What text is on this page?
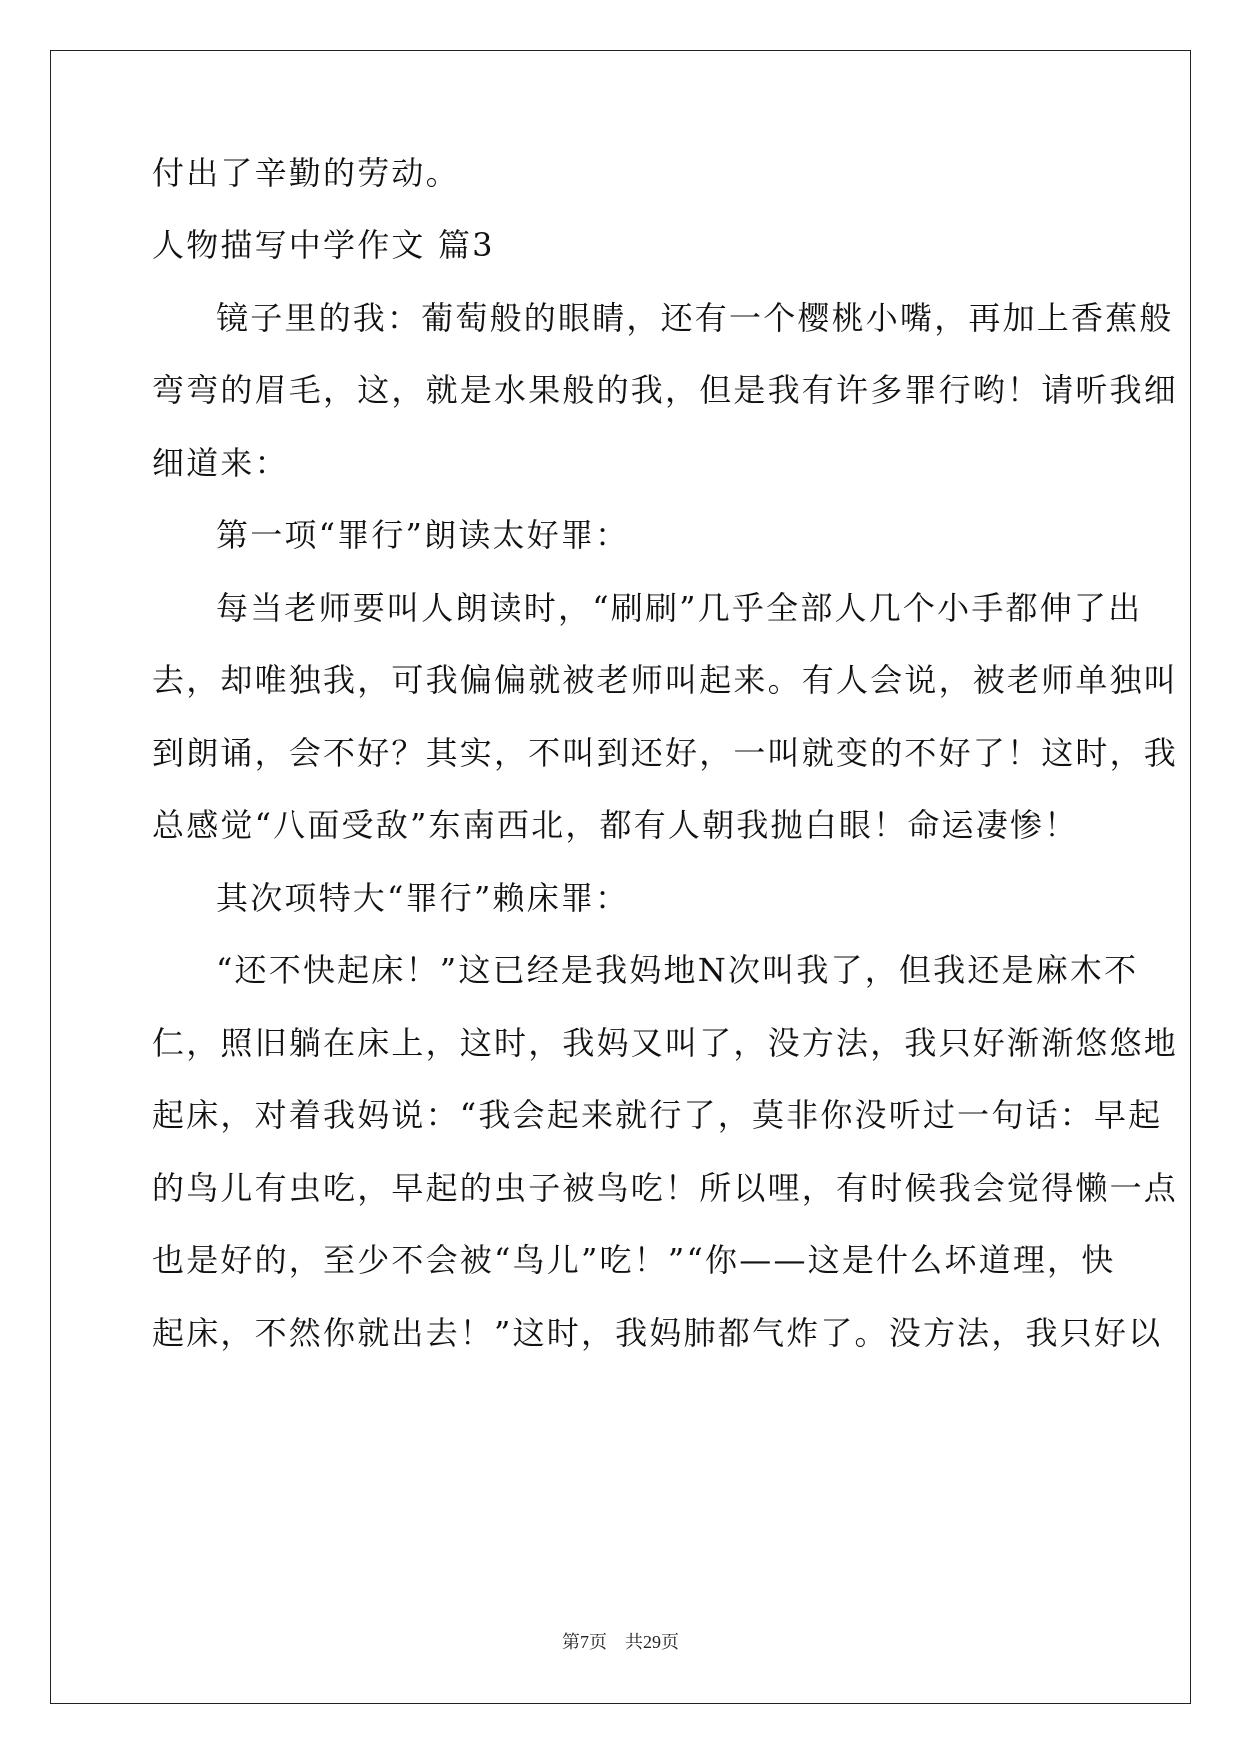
付出了辛勤的劳动。
人物描写中学作文 篇3
镜子里的我：葡萄般的眼睛，还有一个樱桃小嘴，再加上香蕉般
弯弯的眉毛，这，就是水果般的我，但是我有许多罪行哟！请听我细
细道来：
第一项“罪行”朗读太好罪：
每当老师要叫人朗读时，“刷刷”几乎全部人几个小手都伸了出
去，却唯独我，可我偏偏就被老师叫起来。有人会说，被老师单独叫
到朗诵，会不好？其实，不叫到还好，一叫就变的不好了！这时，我
总感觉“八面受敌”东南西北，都有人朝我抛白眼！命运凄惨！
其次项特大“罪行”赖床罪：
“还不快起床！”这已经是我妈地N次叫我了，但我还是麻木不
仁，照旧躺在床上，这时，我妈又叫了，没方法，我只好渐渐悠悠地
起床，对着我妈说：“我会起来就行了，莫非你没听过一句话：早起
的鸟儿有虫吃，早起的虫子被鸟吃！所以哩，有时候我会觉得懒一点
也是好的，至少不会被“鸟儿”吃！”“你——这是什么坏道理，快
起床，不然你就出去！”这时，我妈肺都气炸了。没方法，我只好以
第7页 共29页
